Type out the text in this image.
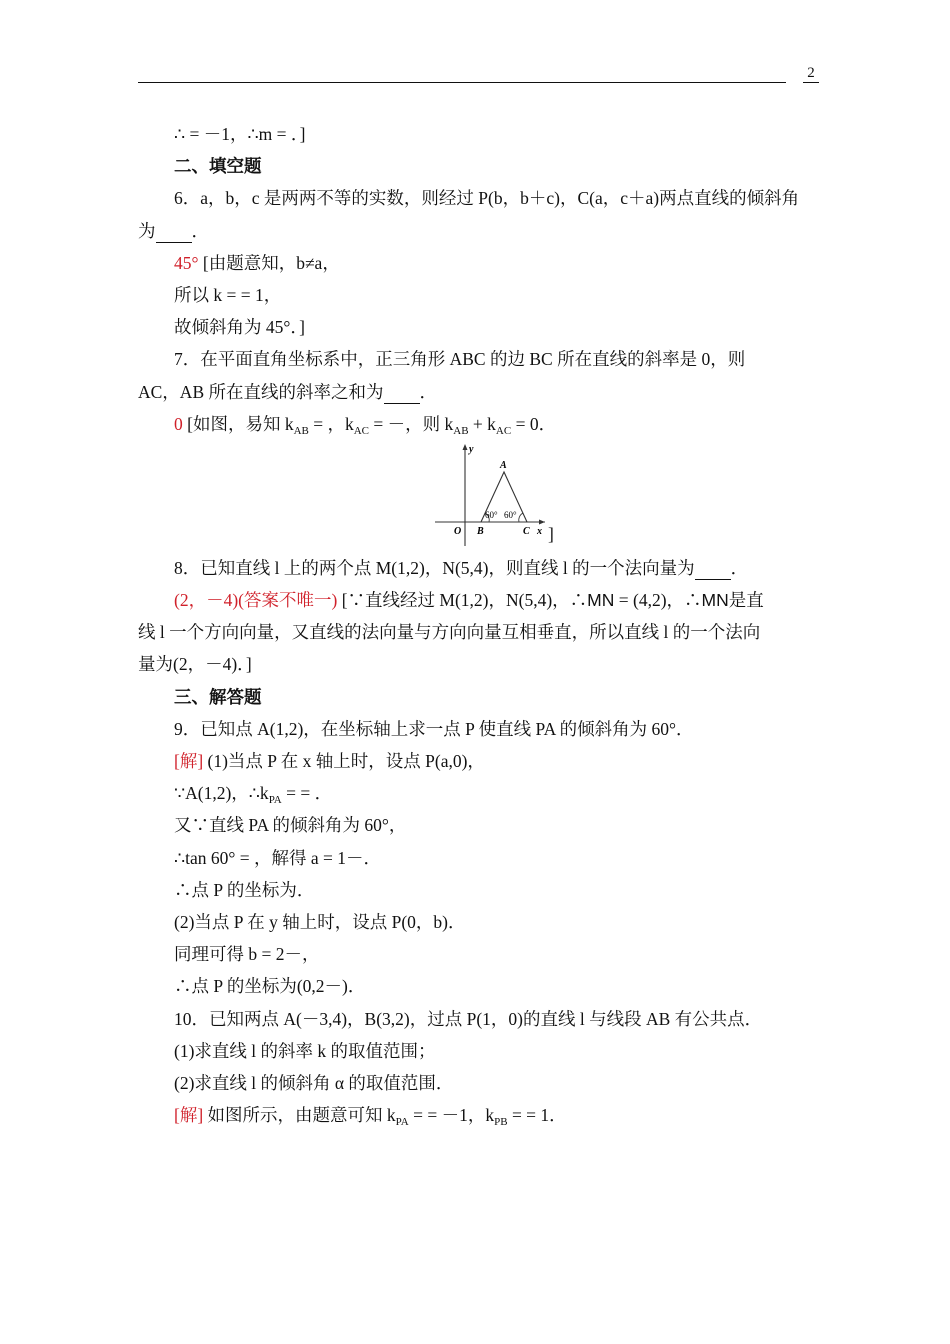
2
∴ = －1，∴m = ．]
二、填空题
6．a，b，c 是两两不等的实数，则经过 P(b，b＋c)，C(a，c＋a)两点直线的倾斜角
为 ．
45° [由题意知，b≠a，
所以 k = = 1，
故倾斜角为 45°．]
7．在平面直角坐标系中，正三角形 ABC 的边 BC 所在直线的斜率是 0，则
AC，AB 所在直线的斜率之和为 ．
0 [如图，易知 $k_{AB}$ = ，$k_{AC}$ = －，则 $k_{AB} + k_{AC} = 0$．
y
x
O
A
B	C
60° 60°
]
8．已知直线 l 上的两个点 M(1,2)，N(5,4)，则直线 l 的一个法向量为 ．
(2，－4)(答案不唯一) [∵直线经过 M(1,2)，N(5,4)，∴MN = (4,2)，∴MN是直
线 l 一个方向向量，又直线的法向量与方向向量互相垂直，所以直线 l 的一个法向
量为(2，－4)．]
三、解答题
9．已知点 A(1,2)，在坐标轴上求一点 P 使直线 PA 的倾斜角为 60°．
[解] (1)当点 P 在 x 轴上时，设点 P(a,0)，
∵A(1,2)，$\therefore k_{PA}$ = = ．
又∵直线 PA 的倾斜角为 60°，
∴tan 60° = ，解得 a = 1－．
∴点 P 的坐标为．
(2)当点 P 在 y 轴上时，设点 P(0，b)．
同理可得 b = 2－，
∴点 P 的坐标为(0,2－)．
10．已知两点 A(－3,4)，B(3,2)，过点 P(1，0)的直线 l 与线段 AB 有公共点．
(1)求直线 l 的斜率 k 的取值范围；
(2)求直线 l 的倾斜角 α 的取值范围．
[解] 如图所示，由题意可知 $k_{PA}$ = = －1，$k_{PB}$ = = 1．
